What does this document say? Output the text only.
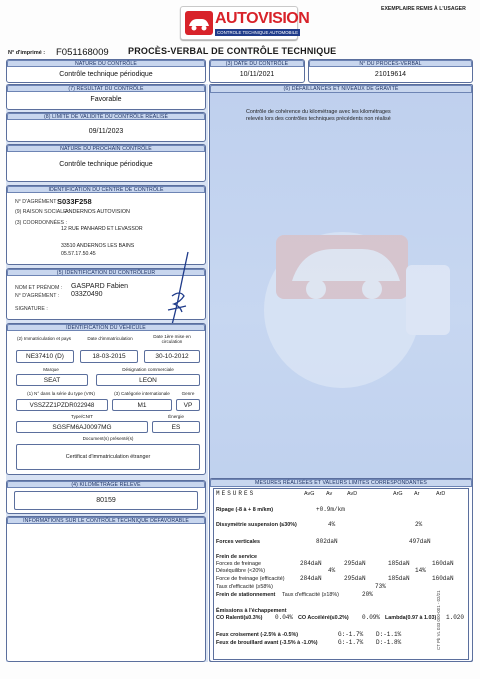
AUTOVISION
CONTROLE TECHNIQUE AUTOMOBILE
EXEMPLAIRE REMIS À L'USAGER
N° d'imprimé : F051168009 PROCÈS-VERBAL DE CONTRÔLE TECHNIQUE
NATURE DU CONTRÔLE
Contrôle technique périodique
(3) DATE DU CONTRÔLE
10/11/2021
N° DU PROCÈS-VERBAL
21019614
(7) RÉSULTAT DU CONTRÔLE
Favorable
(8) LIMITE DE VALIDITÉ DU CONTRÔLE RÉALISÉ
09/11/2023
NATURE DU PROCHAIN CONTRÔLE
Contrôle technique périodique
IDENTIFICATION DU CENTRE DE CONTRÔLE
N° D'AGRÉMENT :
S033F258
(9) RAISON SOCIALE :
ANDERNOS AUTOVISION
(3) COORDONNÉES :
12 RUE PANHARD ET LEVASSOR
33510 ANDERNOS LES BAINS
05.57.17.50.45
(5) IDENTIFICATION DU CONTRÔLEUR
NOM ET PRÉNOM : GASPARD Fabien
N° D'AGRÉMENT : 033Z0490
SIGNATURE :
IDENTIFICATION DU VÉHICULE
(2) Immatriculation et pays
NE37410 (D)
Date d'immatriculation
18-03-2015
Date 1ère mise en circulation
30-10-2012
Marque
SEAT
Désignation commerciale
LEON
(1) N° dans la série du type (VIN)
VSSZZZ1PZDR022948
(3) Catégorie internationale
M1
Genre
VP
Type/CNIT
SGSFM6AJ0097MG
Énergie
ES
Document(s) présenté(s)
Certificat d'immatriculation étranger
(4) KILOMÉTRAGE RELEVÉ
80159
INFORMATIONS SUR LE CONTRÔLE TECHNIQUE DÉFAVORABLE
(6) DÉFAILLANCES ET NIVEAUX DE GRAVITÉ
Contrôle de cohérence du kilométrage avec les kilométrages
relevés lors des contrôles techniques précédents non réalisé
MESURES RÉALISÉES ET VALEURS LIMITES CORRESPONDANTES
MESURES	AvG Av	AvD	ArG Ar	ArD
Ripage (-8 à + 8 m/km)	+0.9m/km
Dissymétrie suspension (≤30%)	4%	2%
Forces verticales	802daN	497daN
Frein de service
Forces de freinage	284daN	295daN	185daN	160daN
Déséquilibre (<20%)	4%	14%
Force de freinage (efficacité)	284daN	295daN	185daN	160daN
Taux d'efficacité (≥58%)	73%
Frein de stationnement Taux d'efficacité (≥18%)	20%
Émissions à l'échappement
CO Ralenti(≤0.3%) 0.04% CO Accéléré(≤0.2%) 0.09% Lambda(0.97 à 1.03) 1.020
Feux croisement (-2.5% à -0.5%)	G:-1.7% D:-1.1%
Feux de brouillard avant (-3.5% à -1.0%)	G:-1.7% D:-1.8%	CT Pb VL 033 000-001 - 02/21
